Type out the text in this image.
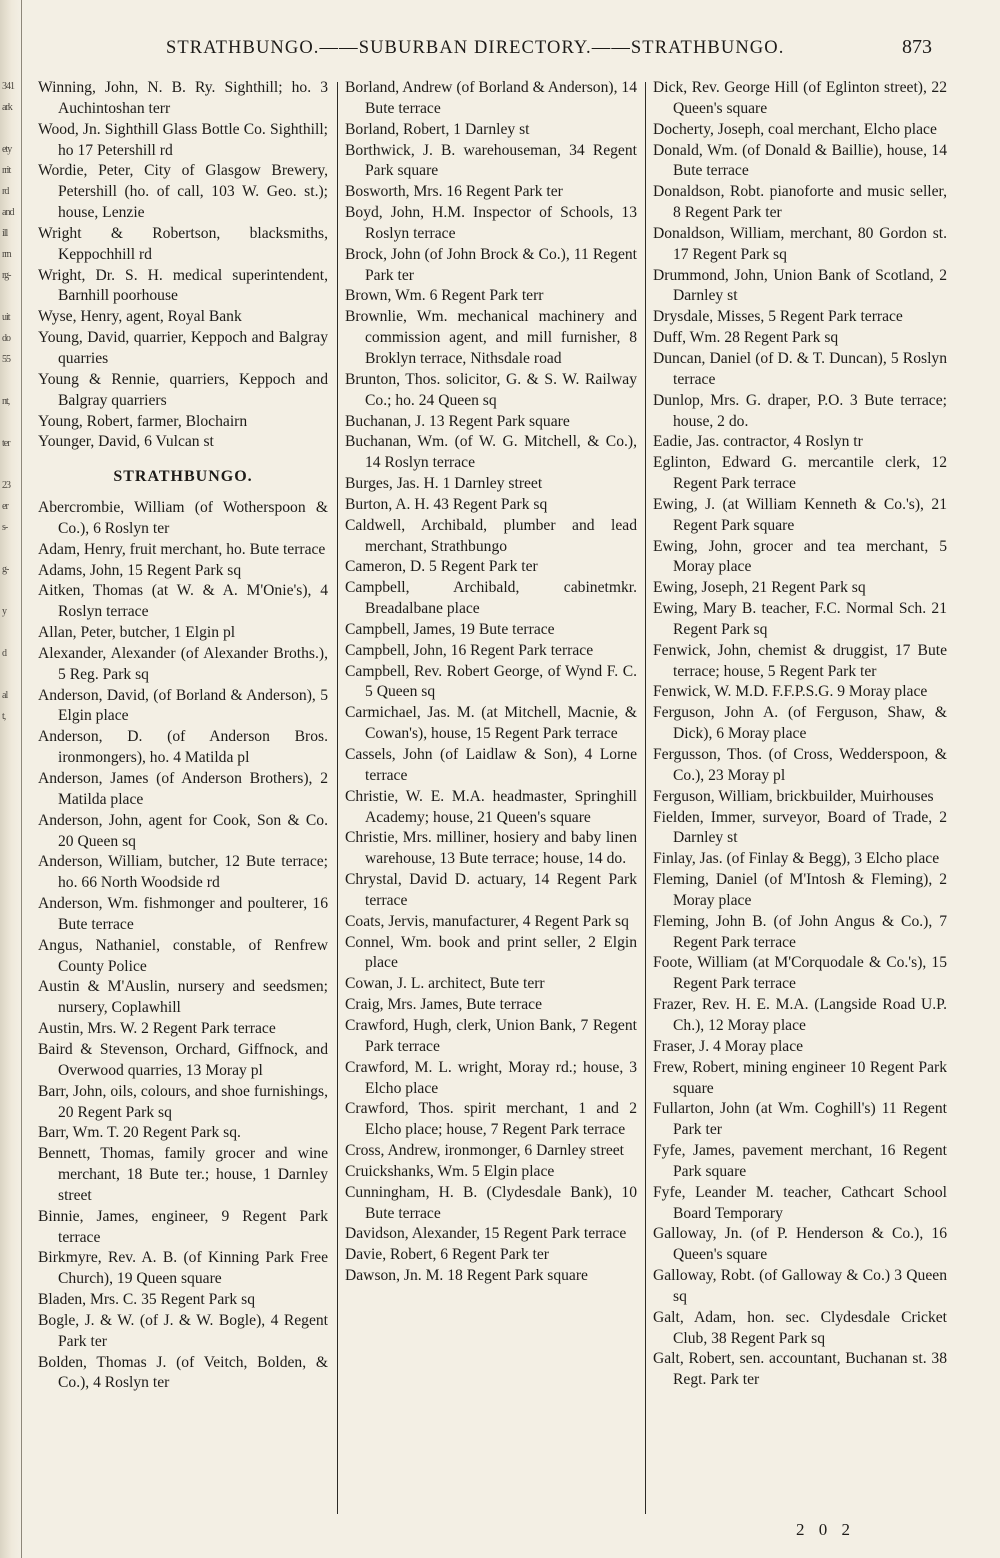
341
ark
ety
rrit
rd
and
ill
rrn
rg-
uit
do
55
nt,
ter
23
er
s-
g-
y
d
al
t,
STRATHBUNGO.——SUBURBAN DIRECTORY.——STRATHBUNGO.	873

Winning, John, N. B. Ry. Sighthill; ho. 3 Auchintoshan terr

Wood, Jn. Sighthill Glass Bottle Co. Sighthill; ho 17 Petershill rd

Wordie, Peter, City of Glasgow Brewery, Petershill (ho. of call, 103 W. Geo. st.); house, Lenzie

Wright & Robertson, blacksmiths, Keppochhill rd

Wright, Dr. S. H. medical superintendent, Barnhill poorhouse

Wyse, Henry, agent, Royal Bank

Young, David, quarrier, Keppoch and Balgray quarries

Young & Rennie, quarriers, Keppoch and Balgray quarriers

Young, Robert, farmer, Blochairn

Younger, David, 6 Vulcan st

STRATHBUNGO.

Abercrombie, William (of Wotherspoon & Co.), 6 Roslyn ter

Adam, Henry, fruit merchant, ho. Bute terrace

Adams, John, 15 Regent Park sq

Aitken, Thomas (at W. & A. M'Onie's), 4 Roslyn terrace

Allan, Peter, butcher, 1 Elgin pl

Alexander, Alexander (of Alexander Broths.), 5 Reg. Park sq

Anderson, David, (of Borland & Anderson), 5 Elgin place

Anderson, D. (of Anderson Bros. ironmongers), ho. 4 Matilda pl

Anderson, James (of Anderson Brothers), 2 Matilda place

Anderson, John, agent for Cook, Son & Co. 20 Queen sq

Anderson, William, butcher, 12 Bute terrace; ho. 66 North Woodside rd

Anderson, Wm. fishmonger and poulterer, 16 Bute terrace

Angus, Nathaniel, constable, of Renfrew County Police

Austin & M'Auslin, nursery and seedsmen; nursery, Coplawhill

Austin, Mrs. W. 2 Regent Park terrace

Baird & Stevenson, Orchard, Giffnock, and Overwood quarries, 13 Moray pl

Barr, John, oils, colours, and shoe furnishings, 20 Regent Park sq

Barr, Wm. T. 20 Regent Park sq.

Bennett, Thomas, family grocer and wine merchant, 18 Bute ter.; house, 1 Darnley street

Binnie, James, engineer, 9 Regent Park terrace

Birkmyre, Rev. A. B. (of Kinning Park Free Church), 19 Queen square

Bladen, Mrs. C. 35 Regent Park sq

Bogle, J. & W. (of J. & W. Bogle), 4 Regent Park ter

Bolden, Thomas J. (of Veitch, Bolden, & Co.), 4 Roslyn ter

Borland, Andrew (of Borland & Anderson), 14 Bute terrace

Borland, Robert, 1 Darnley st

Borthwick, J. B. warehouseman, 34 Regent Park square

Bosworth, Mrs. 16 Regent Park ter

Boyd, John, H.M. Inspector of Schools, 13 Roslyn terrace

Brock, John (of John Brock & Co.), 11 Regent Park ter

Brown, Wm. 6 Regent Park terr

Brownlie, Wm. mechanical machinery and commission agent, and mill furnisher, 8 Broklyn terrace, Nithsdale road

Brunton, Thos. solicitor, G. & S. W. Railway Co.; ho. 24 Queen sq

Buchanan, J. 13 Regent Park square

Buchanan, Wm. (of W. G. Mitchell, & Co.), 14 Roslyn terrace

Burges, Jas. H. 1 Darnley street

Burton, A. H. 43 Regent Park sq

Caldwell, Archibald, plumber and lead merchant, Strathbungo

Cameron, D. 5 Regent Park ter

Campbell, Archibald, cabinetmkr. Breadalbane place

Campbell, James, 19 Bute terrace

Campbell, John, 16 Regent Park terrace

Campbell, Rev. Robert George, of Wynd F. C. 5 Queen sq

Carmichael, Jas. M. (at Mitchell, Macnie, & Cowan's), house, 15 Regent Park terrace

Cassels, John (of Laidlaw & Son), 4 Lorne terrace

Christie, W. E. M.A. headmaster, Springhill Academy; house, 21 Queen's square

Christie, Mrs. milliner, hosiery and baby linen warehouse, 13 Bute terrace; house, 14 do.

Chrystal, David D. actuary, 14 Regent Park terrace

Coats, Jervis, manufacturer, 4 Regent Park sq

Connel, Wm. book and print seller, 2 Elgin place

Cowan, J. L. architect, Bute terr

Craig, Mrs. James, Bute terrace

Crawford, Hugh, clerk, Union Bank, 7 Regent Park terrace

Crawford, M. L. wright, Moray rd.; house, 3 Elcho place

Crawford, Thos. spirit merchant, 1 and 2 Elcho place; house, 7 Regent Park terrace

Cross, Andrew, ironmonger, 6 Darnley street

Cruickshanks, Wm. 5 Elgin place

Cunningham, H. B. (Clydesdale Bank), 10 Bute terrace

Davidson, Alexander, 15 Regent Park terrace

Davie, Robert, 6 Regent Park ter

Dawson, Jn. M. 18 Regent Park square

Dick, Rev. George Hill (of Eglinton street), 22 Queen's square

Docherty, Joseph, coal merchant, Elcho place

Donald, Wm. (of Donald & Baillie), house, 14 Bute terrace

Donaldson, Robt. pianoforte and music seller, 8 Regent Park ter

Donaldson, William, merchant, 80 Gordon st. 17 Regent Park sq

Drummond, John, Union Bank of Scotland, 2 Darnley st

Drysdale, Misses, 5 Regent Park terrace

Duff, Wm. 28 Regent Park sq

Duncan, Daniel (of D. & T. Duncan), 5 Roslyn terrace

Dunlop, Mrs. G. draper, P.O. 3 Bute terrace; house, 2 do.

Eadie, Jas. contractor, 4 Roslyn tr

Eglinton, Edward G. mercantile clerk, 12 Regent Park terrace

Ewing, J. (at William Kenneth & Co.'s), 21 Regent Park square

Ewing, John, grocer and tea merchant, 5 Moray place

Ewing, Joseph, 21 Regent Park sq

Ewing, Mary B. teacher, F.C. Normal Sch. 21 Regent Park sq

Fenwick, John, chemist & druggist, 17 Bute terrace; house, 5 Regent Park ter

Fenwick, W. M.D. F.F.P.S.G. 9 Moray place

Ferguson, John A. (of Ferguson, Shaw, & Dick), 6 Moray place

Fergusson, Thos. (of Cross, Wedderspoon, & Co.), 23 Moray pl

Ferguson, William, brickbuilder, Muirhouses

Fielden, Immer, surveyor, Board of Trade, 2 Darnley st

Finlay, Jas. (of Finlay & Begg), 3 Elcho place

Fleming, Daniel (of M'Intosh & Fleming), 2 Moray place

Fleming, John B. (of John Angus & Co.), 7 Regent Park terrace

Foote, William (at M'Corquodale & Co.'s), 15 Regent Park terrace

Frazer, Rev. H. E. M.A. (Langside Road U.P. Ch.), 12 Moray place

Fraser, J. 4 Moray place

Frew, Robert, mining engineer 10 Regent Park square

Fullarton, John (at Wm. Coghill's) 11 Regent Park ter

Fyfe, James, pavement merchant, 16 Regent Park square

Fyfe, Leander M. teacher, Cathcart School Board Temporary

Galloway, Jn. (of P. Henderson & Co.), 16 Queen's square

Galloway, Robt. (of Galloway & Co.) 3 Queen sq

Galt, Adam, hon. sec. Clydesdale Cricket Club, 38 Regent Park sq

Galt, Robert, sen. accountant, Buchanan st. 38 Regt. Park ter

2 0 2
